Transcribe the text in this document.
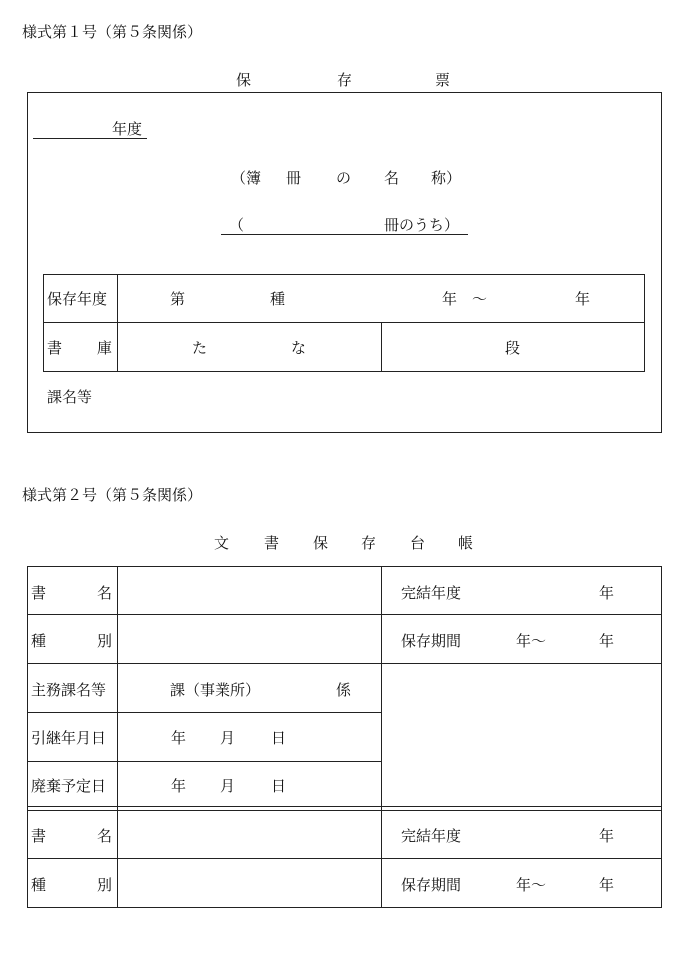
様式第１号（第５条関係）
保	存	票
年度
（簿 冊 の 名 称）
（	冊のうち）
保存年度	第	種	年　～	年
書 庫	た	な	段
課名等
様式第２号（第５条関係）
文 書 保 存 台 帳
書	名	完結年度	年
種	別	保存期間	年～	年
主務課名等	課（事業所）	係
引継年月日	年 月 日
廃棄予定日	年 月 日
書	名	完結年度	年
種	別	保存期間	年～	年
